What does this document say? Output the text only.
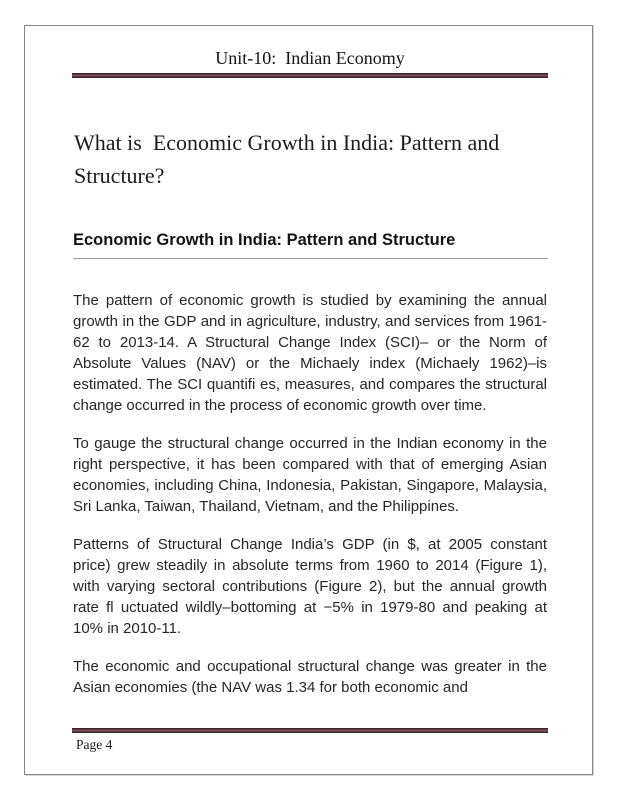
Unit-10:  Indian Economy
What is  Economic Growth in India: Pattern and
Structure?
Economic Growth in India: Pattern and Structure

The pattern of economic growth is studied by examining the annual growth in the GDP and in agriculture, industry, and services from 1961-62 to 2013-14. A Structural Change Index (SCI)– or the Norm of Absolute Values (NAV) or the Michaely index (Michaely 1962)–is estimated. The SCI quantifi es, measures, and compares the structural change occurred in the process of economic growth over time.

To gauge the structural change occurred in the Indian economy in the right perspective, it has been compared with that of emerging Asian economies, including China, Indonesia, Pakistan, Singapore, Malaysia, Sri Lanka, Taiwan, Thailand, Vietnam, and the Philippines.

Patterns of Structural Change India’s GDP (in $, at 2005 constant price) grew steadily in absolute terms from 1960 to 2014 (Figure 1), with varying sectoral contributions (Figure 2), but the annual growth rate fl uctuated wildly–bottoming at −5% in 1979-80 and peaking at 10% in 2010-11.

The economic and occupational structural change was greater in the Asian economies (the NAV was 1.34 for both economic and

Page 4
